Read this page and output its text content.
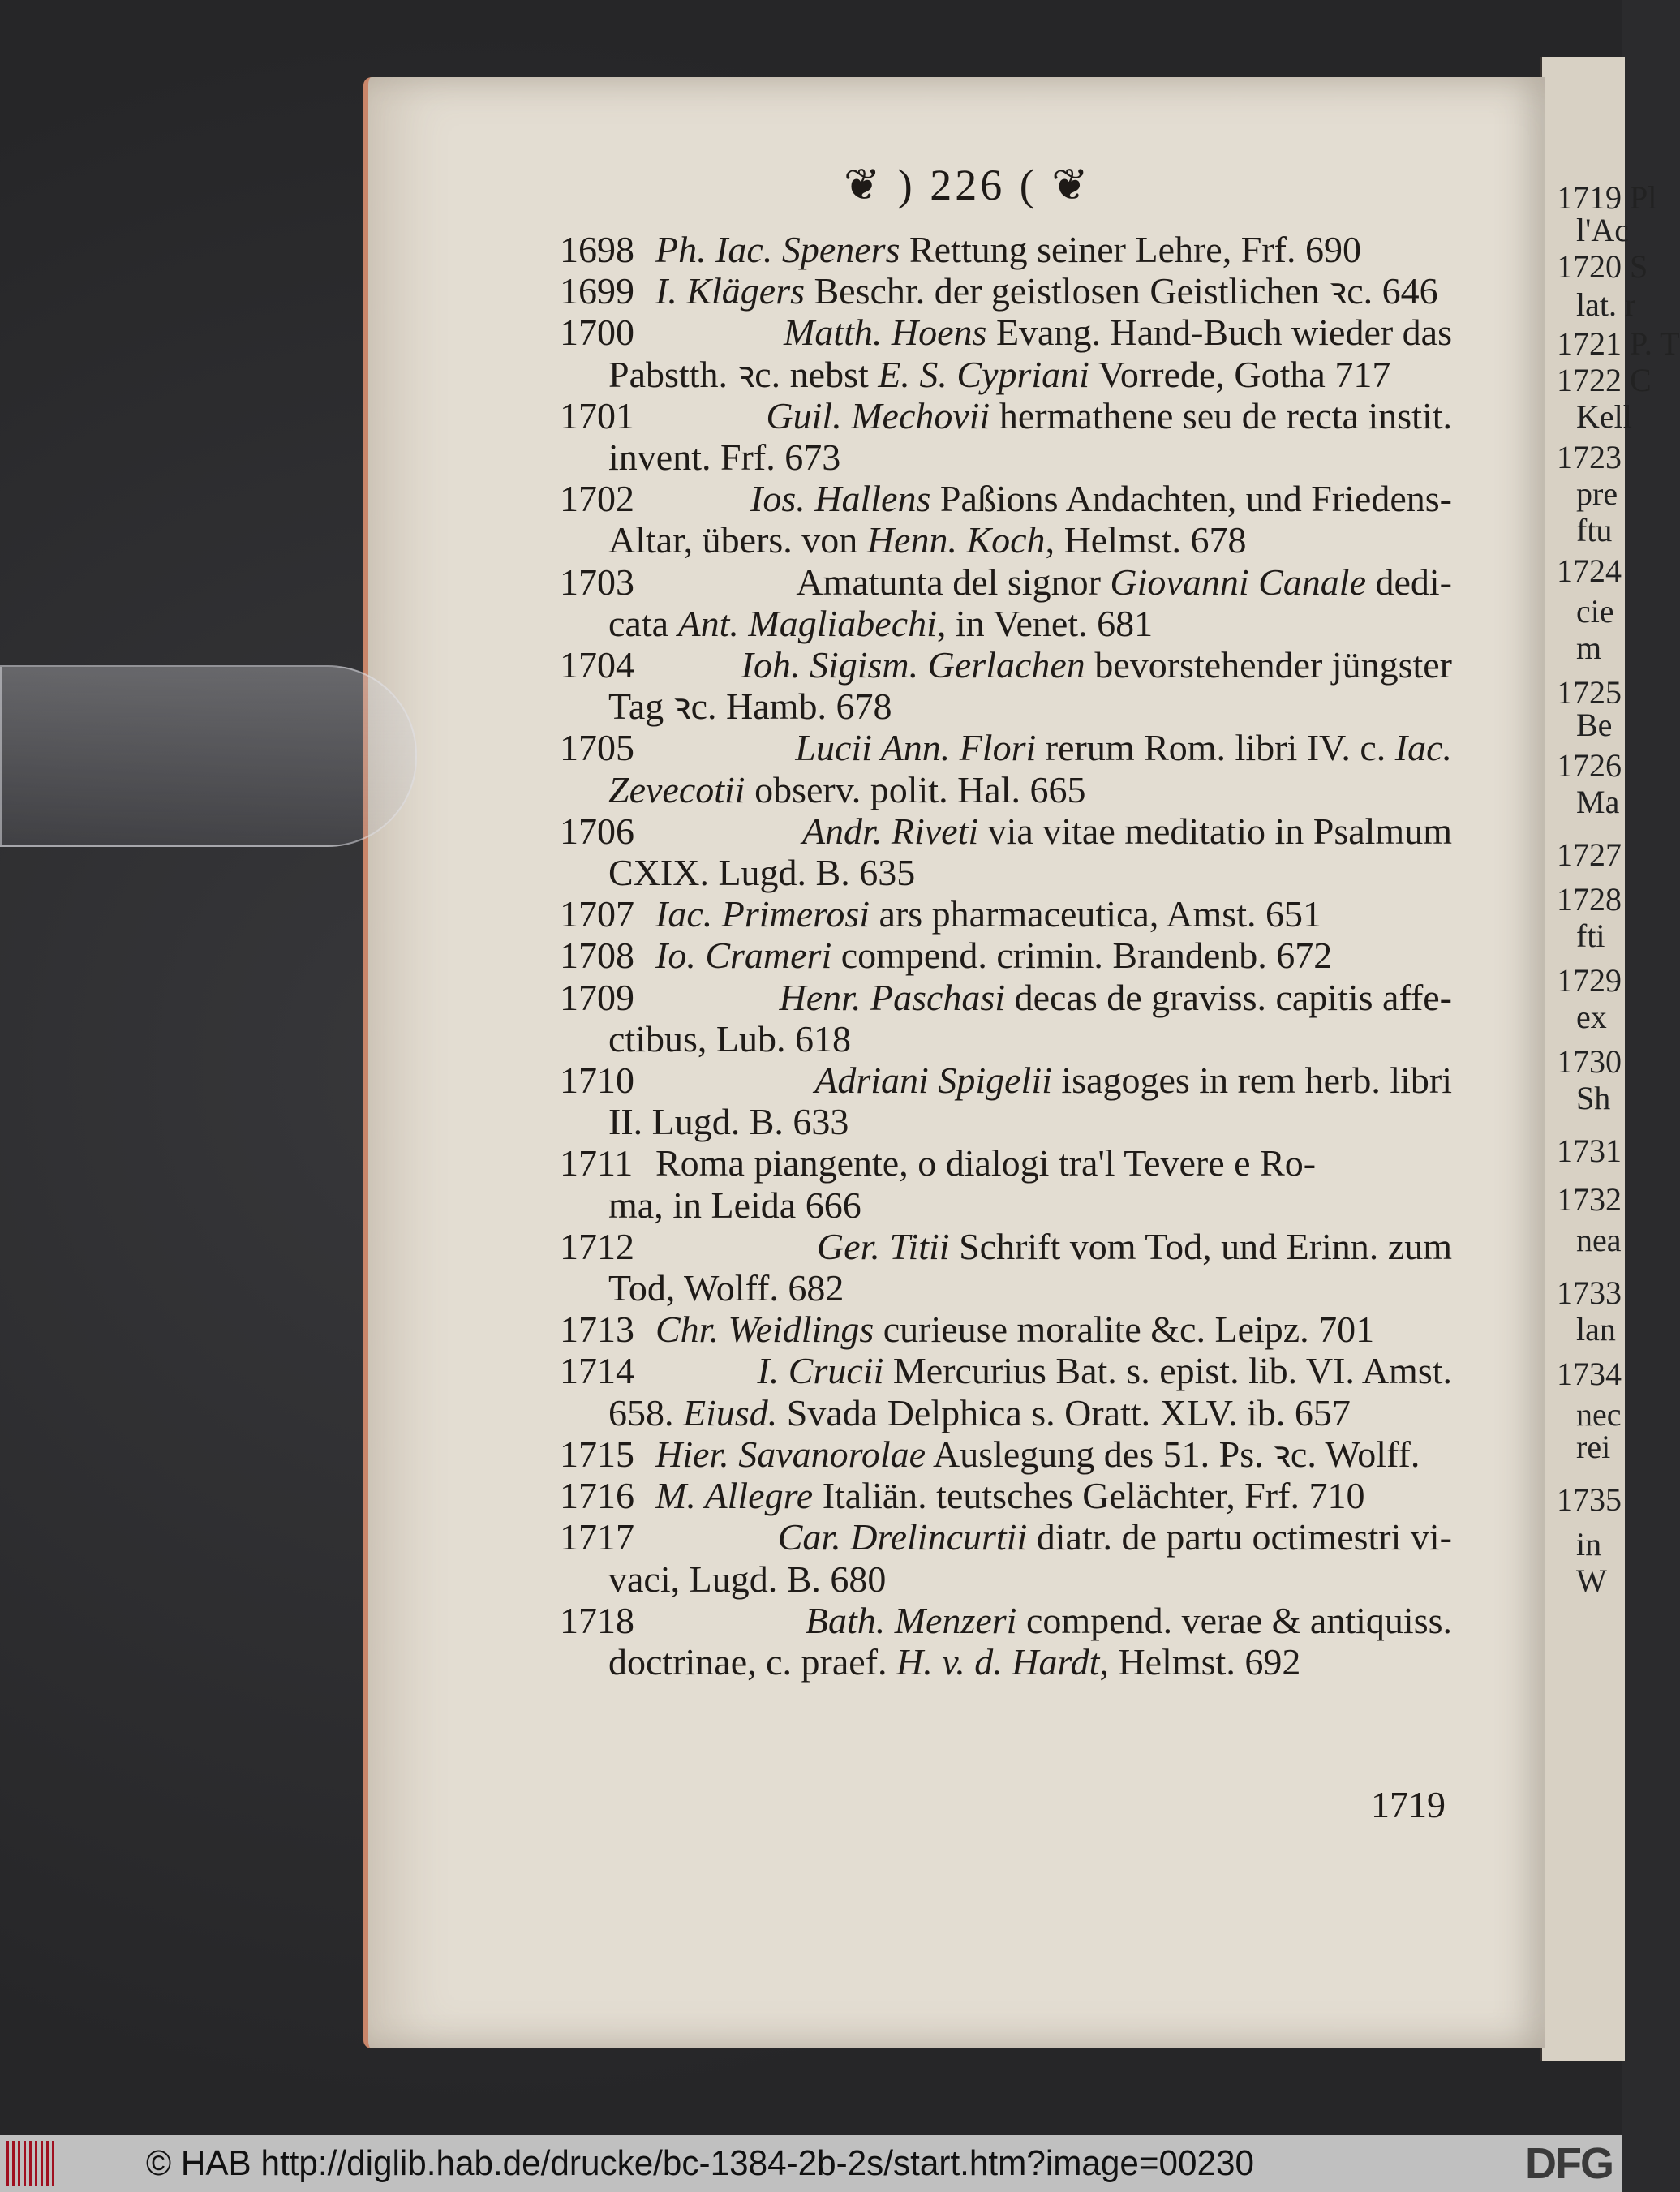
1719 Pl
l'Ac
1720 S
lat. r
1721 P. T
1722 C
Kell
1723
pre
ftu
1724
cie
m
1725
Be
1726
Ma
1727
1728
fti
1729
ex
1730
Sh
1731
1732
nea
1733
lan
1734
nec
rei
1735
in
W
❦ ) 226 ( ❦
1698 Ph. Iac. Speners Rettung seiner Lehre, Frf. 690
1699 I. Klägers Beschr. der geistlosen Geistlichen ꝛc. 646
1700	Matth. Hoens Evang. Hand-Buch wieder das
Pabstth. ꝛc. nebst E. S. Cypriani Vorrede, Gotha 717
1701	Guil. Mechovii hermathene seu de recta instit.
invent. Frf. 673
1702	Ios. Hallens Paßions Andachten, und Friedens-
Altar, übers. von Henn. Koch, Helmst. 678
1703	Amatunta del signor Giovanni Canale dedi-
cata Ant. Magliabechi, in Venet. 681
1704	Ioh. Sigism. Gerlachen bevorstehender jüngster
Tag ꝛc. Hamb. 678
1705	Lucii Ann. Flori rerum Rom. libri IV. c. Iac.
Zevecotii observ. polit. Hal. 665
1706	Andr. Riveti via vitae meditatio in Psalmum
CXIX. Lugd. B. 635
1707 Iac. Primerosi ars pharmaceutica, Amst. 651
1708 Io. Crameri compend. crimin. Brandenb. 672
1709	Henr. Paschasi decas de graviss. capitis affe-
ctibus, Lub. 618
1710	Adriani Spigelii isagoges in rem herb. libri
II. Lugd. B. 633
1711 Roma piangente, o dialogi tra'l Tevere e Ro-
ma, in Leida 666
1712	Ger. Titii Schrift vom Tod, und Erinn. zum
Tod, Wolff. 682
1713 Chr. Weidlings curieuse moralite &c. Leipz. 701
1714	I. Crucii Mercurius Bat. s. epist. lib. VI. Amst.
658. Eiusd. Svada Delphica s. Oratt. XLV. ib. 657
1715 Hier. Savanorolae Auslegung des 51. Ps. ꝛc. Wolff.
1716 M. Allegre Italiän. teutsches Gelächter, Frf. 710
1717	Car. Drelincurtii diatr. de partu octimestri vi-
vaci, Lugd. B. 680
1718	Bath. Menzeri compend. verae & antiquiss.
doctrinae, c. praef. H. v. d. Hardt, Helmst. 692
1719
© HAB http://diglib.hab.de/drucke/bc-1384-2b-2s/start.htm?image=00230	DFG
